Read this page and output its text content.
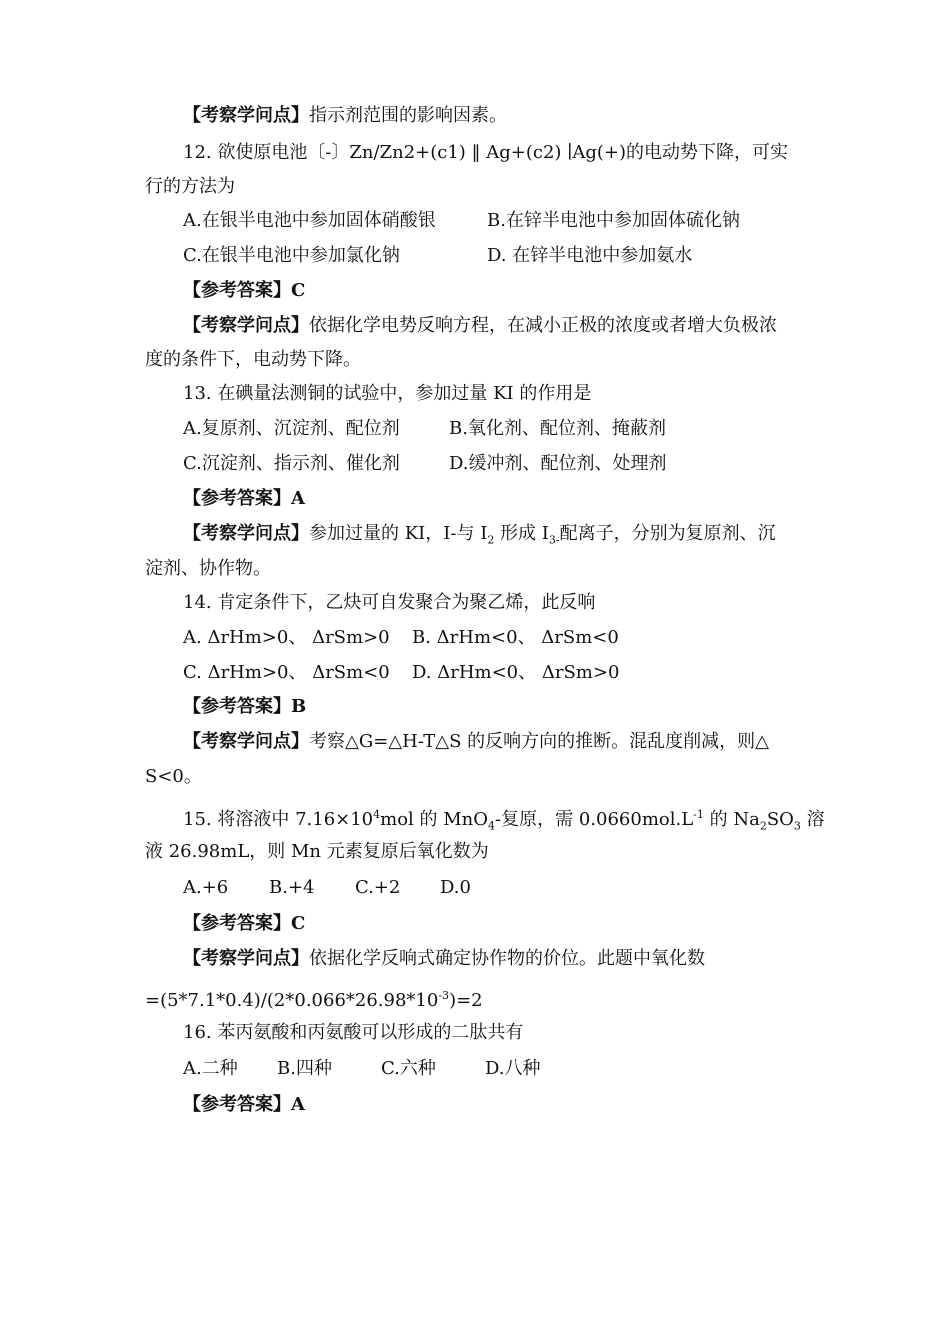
【考察学问点】指示剂范围的影响因素。
12. 欲使原电池〔-〕Zn/Zn2+(c1) ‖ Ag+(c2) ∣Ag(+)的电动势下降，可实
行的方法为
A.在银半电池中参加固体硝酸银	B.在锌半电池中参加固体硫化钠
C.在银半电池中参加氯化钠	D. 在锌半电池中参加氨水
【参考答案】C
【考察学问点】依据化学电势反响方程，在减小正极的浓度或者增大负极浓
度的条件下，电动势下降。
13. 在碘量法测铜的试验中，参加过量 KI 的作用是
A.复原剂、沉淀剂、配位剂	B.氧化剂、配位剂、掩蔽剂
C.沉淀剂、指示剂、催化剂	D.缓冲剂、配位剂、处理剂
【参考答案】A
【考察学问点】参加过量的 KI，I-与 $I_2$ 形成 $I_{3-}$配离子，分别为复原剂、沉
淀剂、协作物。
14. 肯定条件下，乙炔可自发聚合为聚乙烯，此反响
A. ΔrHm>0、 ΔrSm>0 B. ΔrHm<0、 ΔrSm<0
C. ΔrHm>0、 ΔrSm<0 D. ΔrHm<0、 ΔrSm>0
【参考答案】B
【考察学问点】考察△G=△H-T△S 的反响方向的推断。混乱度削减，则△
S<0。
15. 将溶液中 $7.16\times 10^4mol$ 的 MnO$_4$-复原，需 $0.0660mol.L^{-1}$ 的 $Na_2SO_3$ 溶
液 26.98mL，则 Mn 元素复原后氧化数为
A.+6 B.+4 C.+2 D.0
【参考答案】C
【考察学问点】依据化学反响式确定协作物的价位。此题中氧化数
$=(5*7.1*0.4)/(2*0.066*26.98*10^{-3})=2$
16. 苯丙氨酸和丙氨酸可以形成的二肽共有
A.二种 B.四种	C.六种	D.八种
【参考答案】A
